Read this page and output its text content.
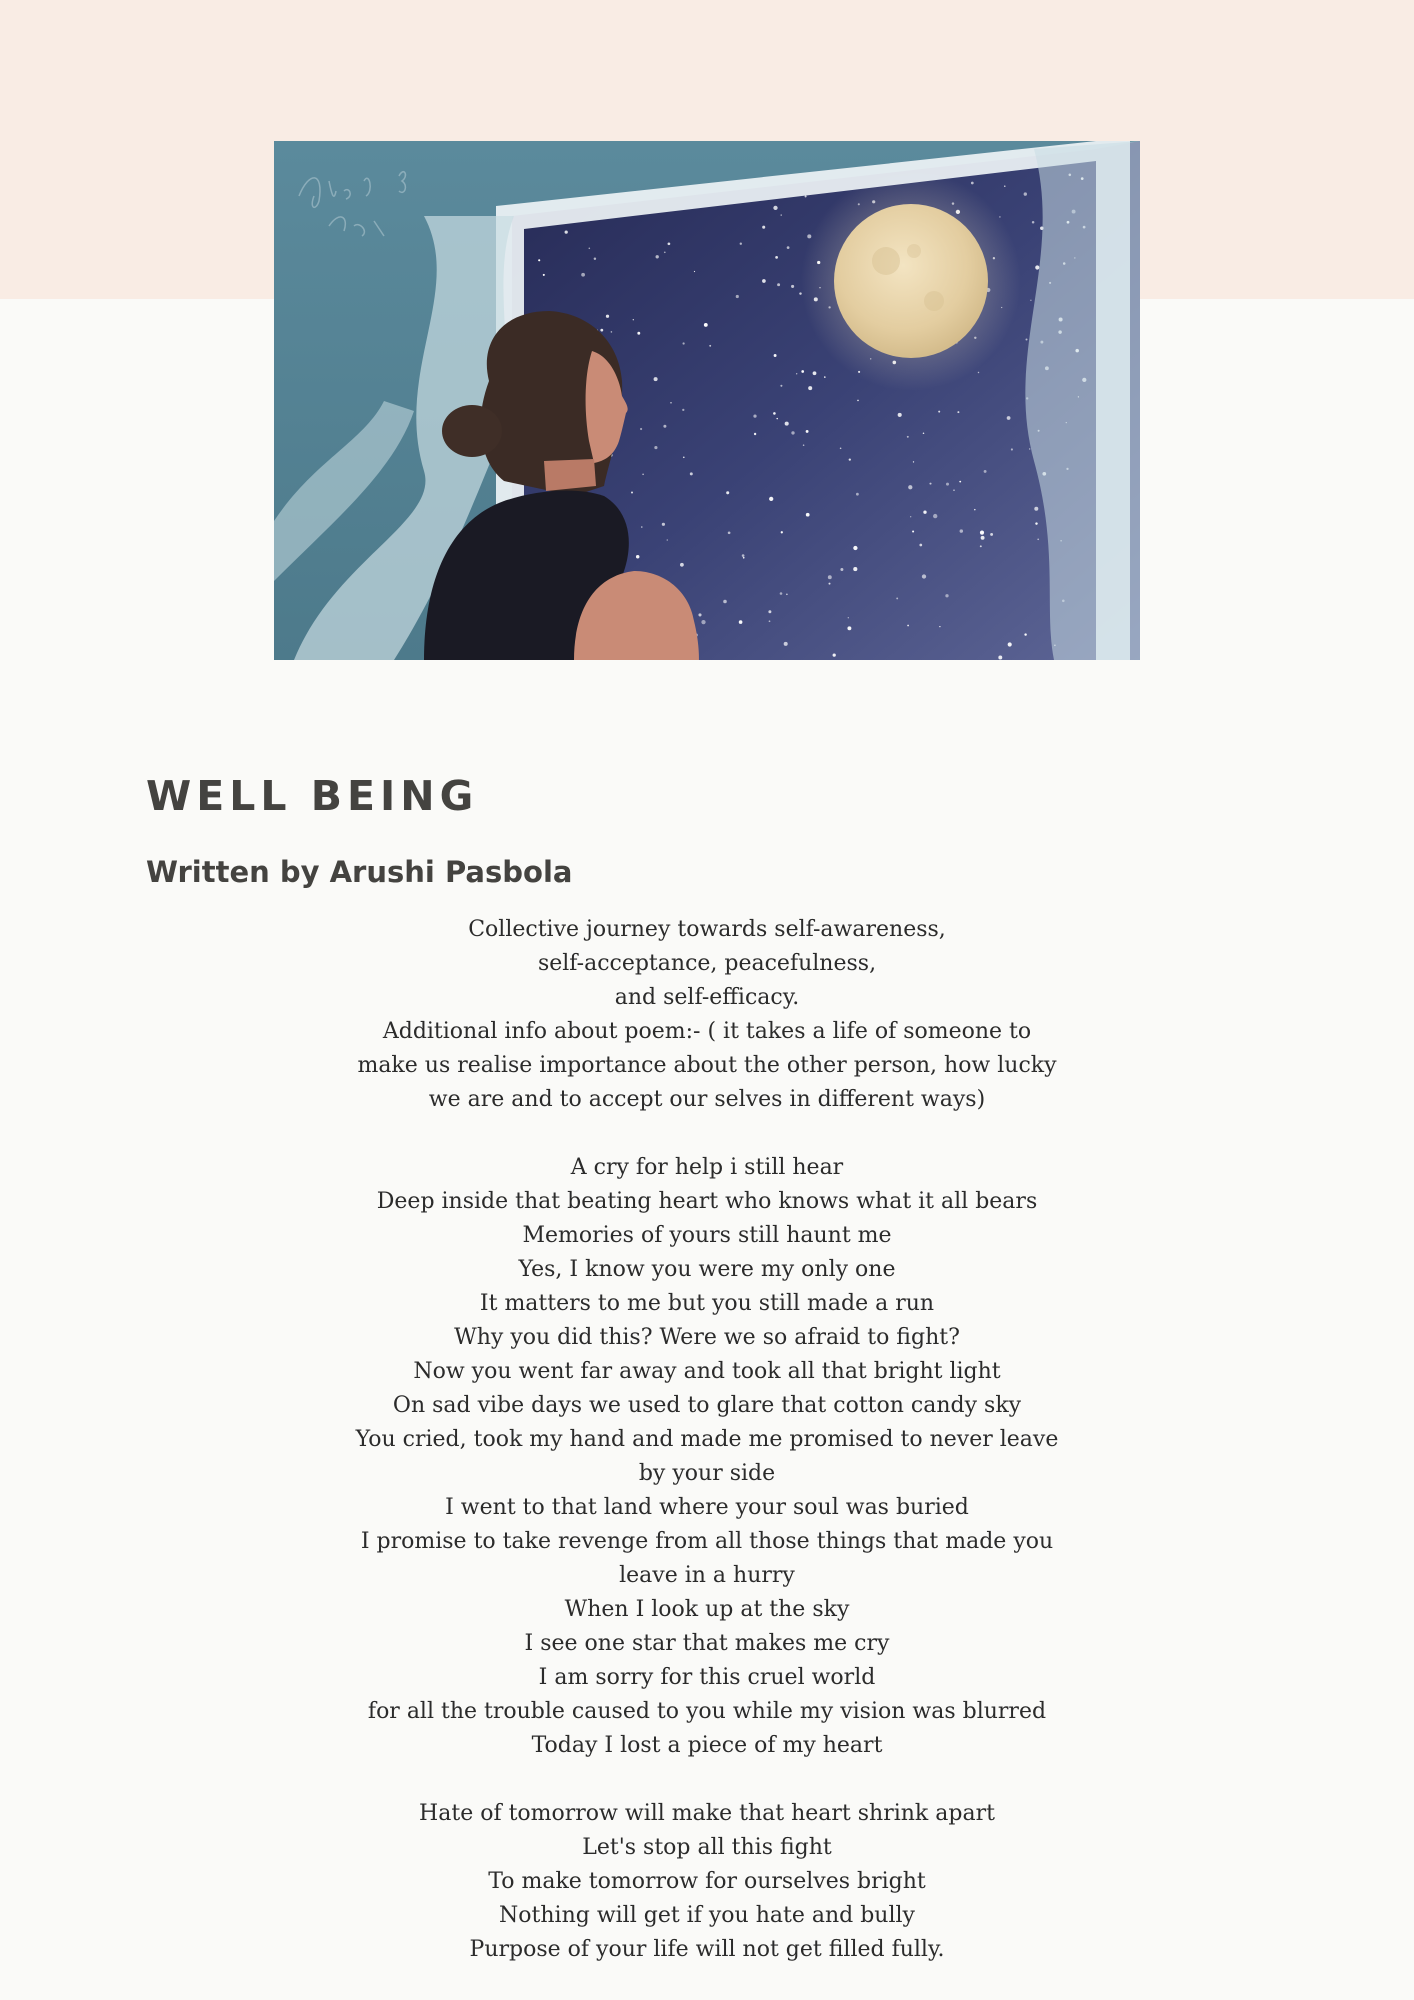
WELL BEING
Written by Arushi Pasbola
Collective journey towards self-awareness,
self-acceptance, peacefulness,
and self-efficacy.
Additional info about poem:- ( it takes a life of someone to
make us realise importance about the other person, how lucky
we are and to accept our selves in different ways)
A cry for help i still hear
Deep inside that beating heart who knows what it all bears
Memories of yours still haunt me
Yes, I know you were my only one
It matters to me but you still made a run
Why you did this? Were we so afraid to fight?
Now you went far away and took all that bright light
On sad vibe days we used to glare that cotton candy sky
You cried, took my hand and made me promised to never leave
by your side
I went to that land where your soul was buried
I promise to take revenge from all those things that made you
leave in a hurry
When I look up at the sky
I see one star that makes me cry
I am sorry for this cruel world
for all the trouble caused to you while my vision was blurred
Today I lost a piece of my heart
Hate of tomorrow will make that heart shrink apart
Let's stop all this fight
To make tomorrow for ourselves bright
Nothing will get if you hate and bully
Purpose of your life will not get filled fully.
